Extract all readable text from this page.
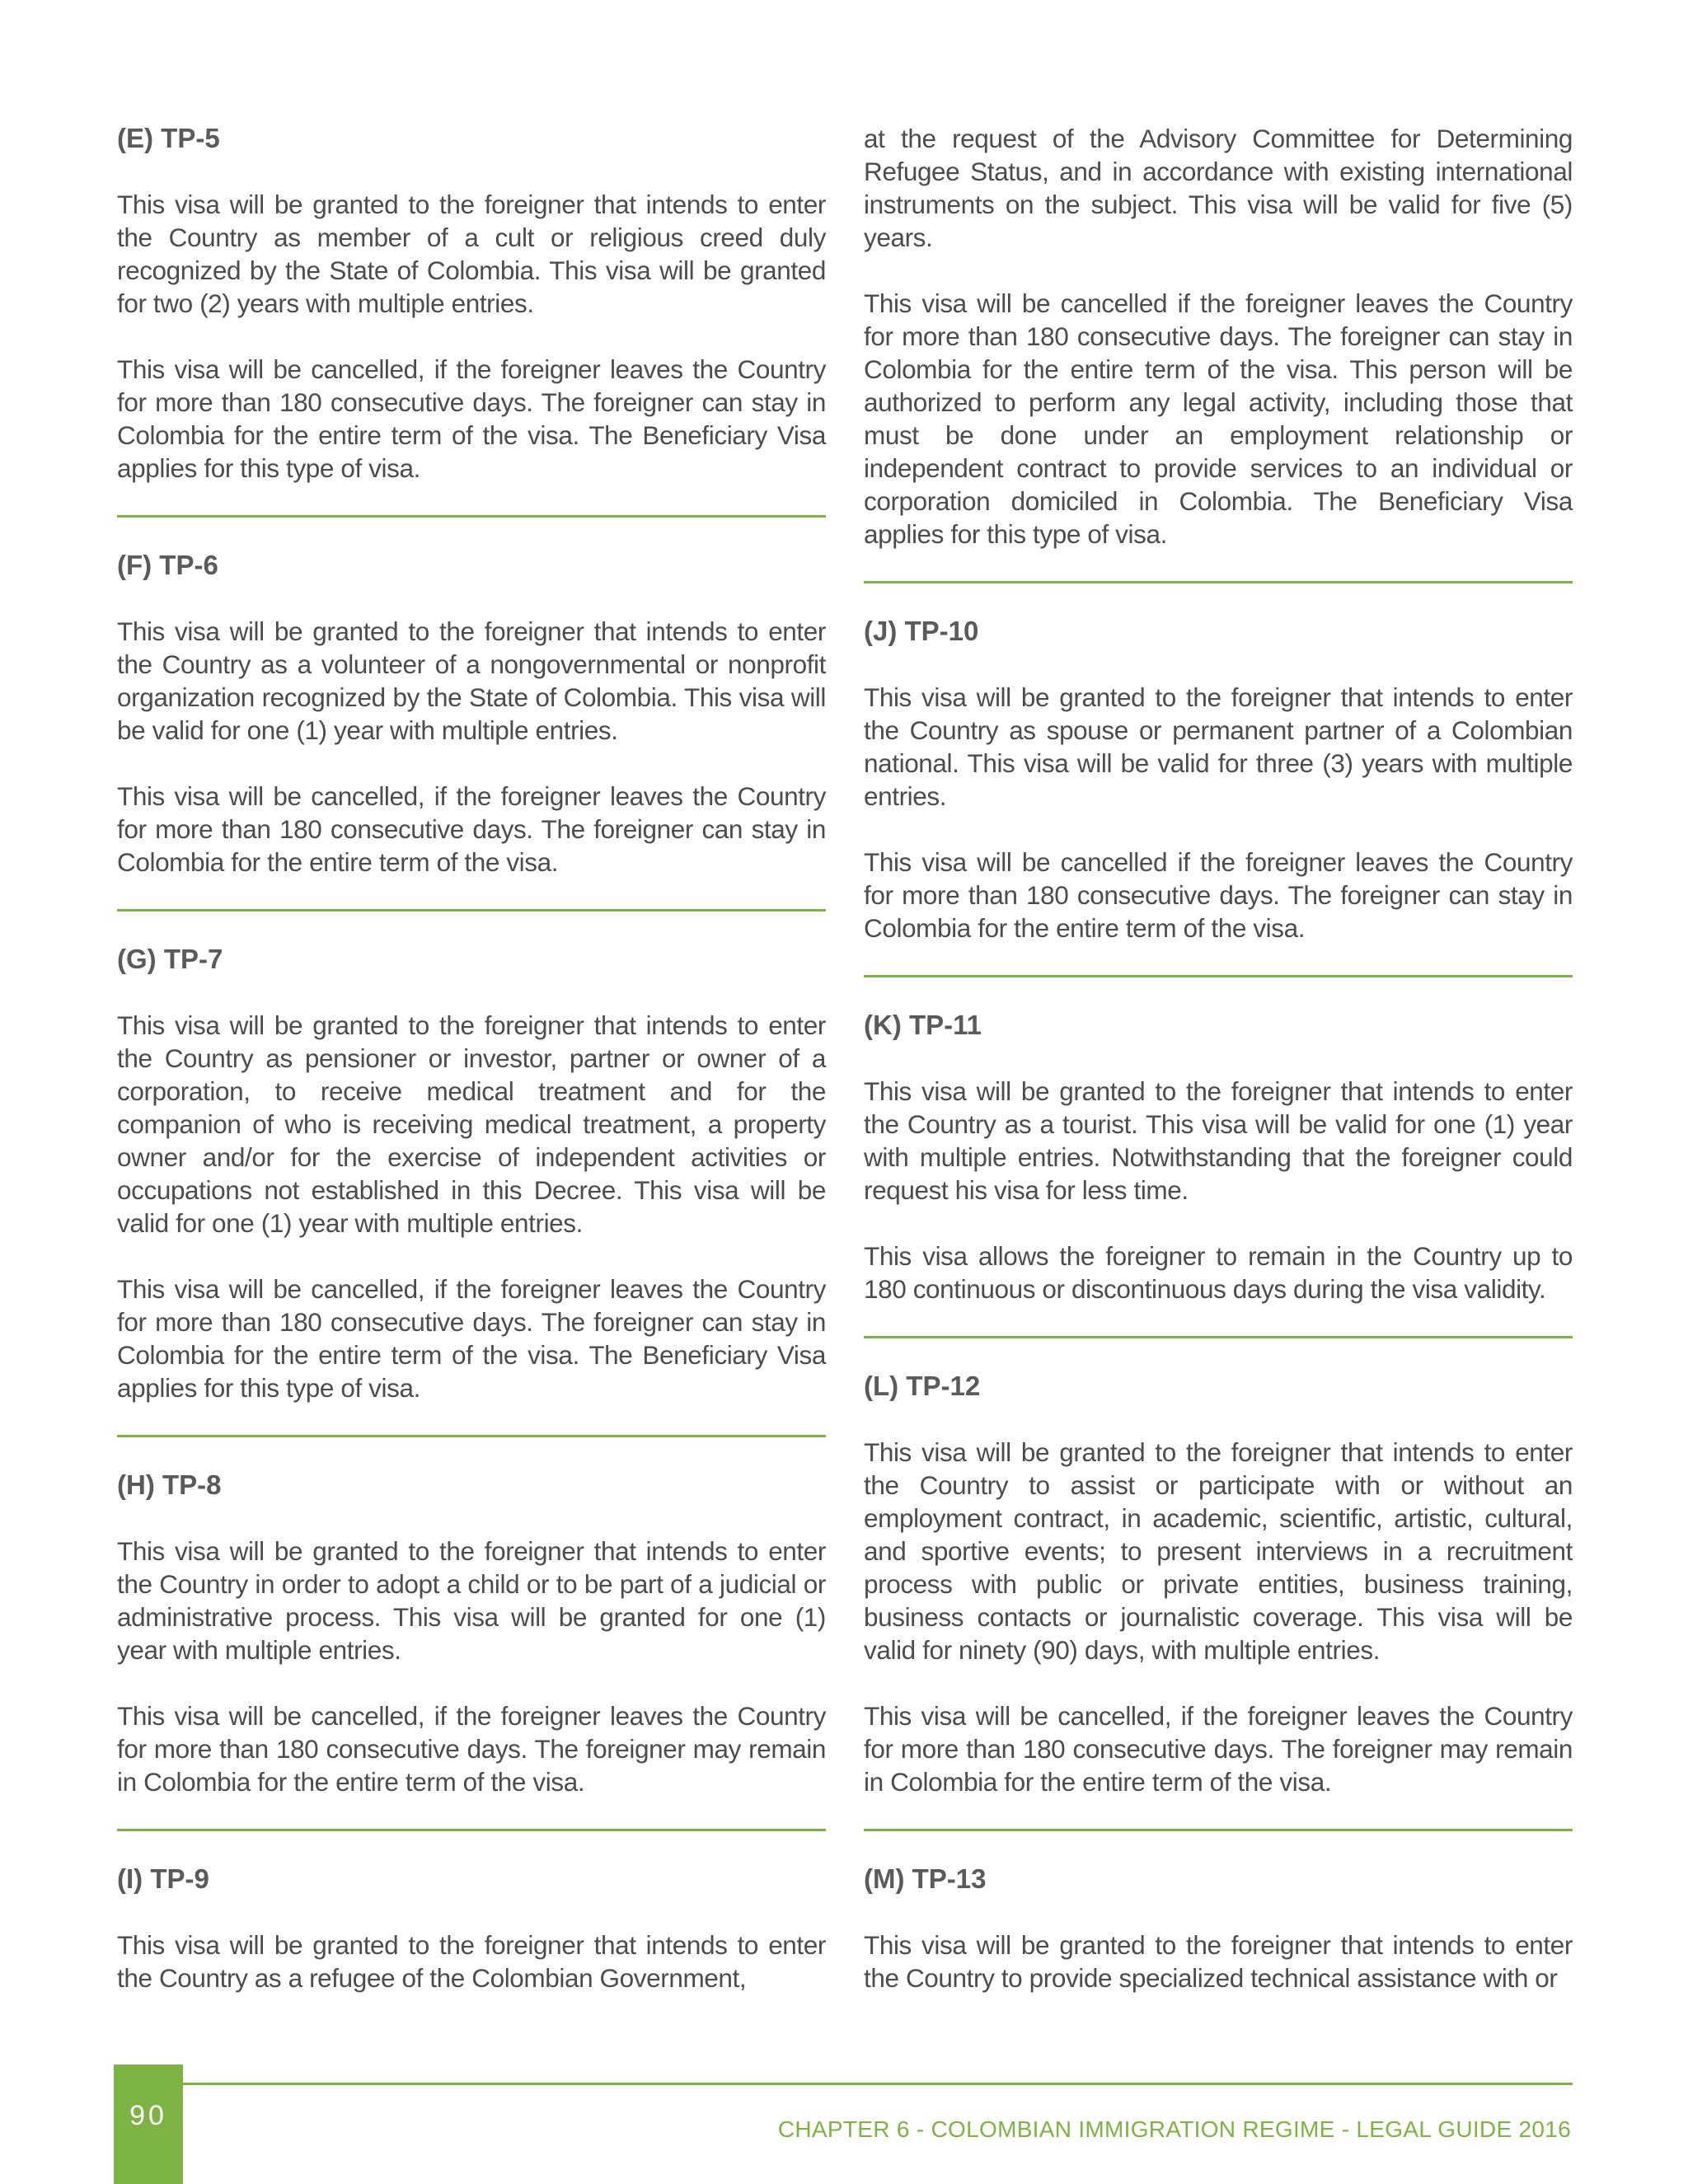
(E) TP-5

This visa will be granted to the foreigner that intends to enter the Country as member of a cult or religious creed duly recognized by the State of Colombia. This visa will be granted for two (2) years with multiple entries.

This visa will be cancelled, if the foreigner leaves the Country for more than 180 consecutive days. The foreigner can stay in Colombia for the entire term of the visa. The Beneficiary Visa applies for this type of visa.

(F) TP-6

This visa will be granted to the foreigner that intends to enter the Country as a volunteer of a nongovernmental or nonprofit organization recognized by the State of Colombia. This visa will be valid for one (1) year with multiple entries.

This visa will be cancelled, if the foreigner leaves the Country for more than 180 consecutive days. The foreigner can stay in Colombia for the entire term of the visa.

(G) TP-7

This visa will be granted to the foreigner that intends to enter the Country as pensioner or investor, partner or owner of a corporation, to receive medical treatment and for the companion of who is receiving medical treatment, a property owner and/or for the exercise of independent activities or occupations not established in this Decree. This visa will be valid for one (1) year with multiple entries.

This visa will be cancelled, if the foreigner leaves the Country for more than 180 consecutive days. The foreigner can stay in Colombia for the entire term of the visa. The Beneficiary Visa applies for this type of visa.

(H) TP-8

This visa will be granted to the foreigner that intends to enter the Country in order to adopt a child or to be part of a judicial or administrative process. This visa will be granted for one (1) year with multiple entries.

This visa will be cancelled, if the foreigner leaves the Country for more than 180 consecutive days. The foreigner may remain in Colombia for the entire term of the visa.

(I) TP-9

This visa will be granted to the foreigner that intends to enter the Country as a refugee of the Colombian Government,

at the request of the Advisory Committee for Determining Refugee Status, and in accordance with existing international instruments on the subject. This visa will be valid for five (5) years.

This visa will be cancelled if the foreigner leaves the Country for more than 180 consecutive days. The foreigner can stay in Colombia for the entire term of the visa. This person will be authorized to perform any legal activity, including those that must be done under an employment relationship or independent contract to provide services to an individual or corporation domiciled in Colombia. The Beneficiary Visa applies for this type of visa.

(J) TP-10

This visa will be granted to the foreigner that intends to enter the Country as spouse or permanent partner of a Colombian national. This visa will be valid for three (3) years with multiple entries.

This visa will be cancelled if the foreigner leaves the Country for more than 180 consecutive days. The foreigner can stay in Colombia for the entire term of the visa.

(K) TP-11

This visa will be granted to the foreigner that intends to enter the Country as a tourist. This visa will be valid for one (1) year with multiple entries. Notwithstanding that the foreigner could request his visa for less time.

This visa allows the foreigner to remain in the Country up to 180 continuous or discontinuous days during the visa validity.

(L) TP-12

This visa will be granted to the foreigner that intends to enter the Country to assist or participate with or without an employment contract, in academic, scientific, artistic, cultural, and sportive events; to present interviews in a recruitment process with public or private entities, business training, business contacts or journalistic coverage. This visa will be valid for ninety (90) days, with multiple entries.

This visa will be cancelled, if the foreigner leaves the Country for more than 180 consecutive days. The foreigner may remain in Colombia for the entire term of the visa.

(M) TP-13

This visa will be granted to the foreigner that intends to enter the Country to provide specialized technical assistance with or

90	CHAPTER 6 - COLOMBIAN IMMIGRATION REGIME - LEGAL GUIDE 2016
